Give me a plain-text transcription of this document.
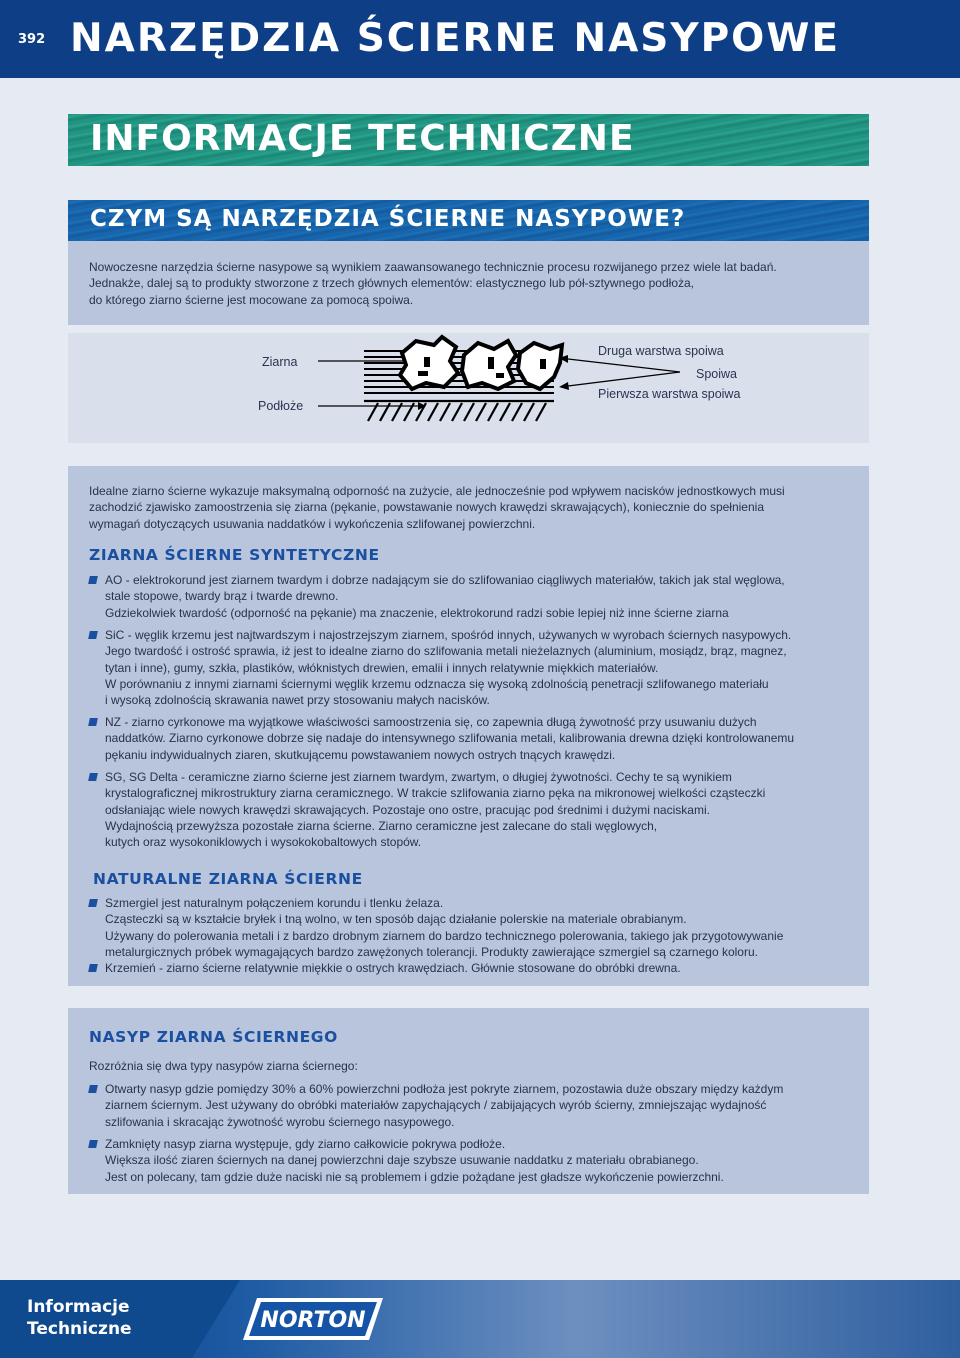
392 NARZĘDZIA ŚCIERNE NASYPOWE
INFORMACJE TECHNICZNE
CZYM SĄ NARZĘDZIA ŚCIERNE NASYPOWE?
Nowoczesne narzędzia ścierne nasypowe są wynikiem zaawansowanego technicznie procesu rozwijanego przez wiele lat badań.
Jednakże, dalej są to produkty stworzone z trzech głównych elementów: elastycznego lub pół-sztywnego podłoża,
do którego ziarno ścierne jest mocowane za pomocą spoiwa.
Ziarna
Podłoże
Druga warstwa spoiwa
Spoiwa
Pierwsza warstwa spoiwa
Idealne ziarno ścierne wykazuje maksymalną odporność na zużycie, ale jednocześnie pod wpływem nacisków jednostkowych musi
zachodzić zjawisko zamoostrzenia się ziarna (pękanie, powstawanie nowych krawędzi skrawających), koniecznie do spełnienia
wymagań dotyczących usuwania naddatków i wykończenia szlifowanej powierzchni.
ZIARNA ŚCIERNE SYNTETYCZNE

AO - elektrokorund jest ziarnem twardym i dobrze nadającym sie do szlifowaniao ciągliwych materiałów, takich jak stal węglowa,

stale stopowe, twardy brąz i twarde drewno.

Gdziekolwiek twardość (odporność na pękanie) ma znaczenie, elektrokorund radzi sobie lepiej niż inne ścierne ziarna

SiC - węglik krzemu jest najtwardszym i najostrzejszym ziarnem, spośród innych, używanych w wyrobach ściernych nasypowych.

Jego twardość i ostrość sprawia, iż jest to idealne ziarno do szlifowania metali nieżelaznych (aluminium, mosiądz, brąz, magnez,

tytan i inne), gumy, szkła, plastików, włóknistych drewien, emalii i innych relatywnie miękkich materiałów.

W porównaniu z innymi ziarnami ściernymi węglik krzemu odznacza się wysoką zdolnością penetracji szlifowanego materiału

i wysoką zdolnością skrawania nawet przy stosowaniu małych nacisków.

NZ - ziarno cyrkonowe ma wyjątkowe właściwości samoostrzenia się, co zapewnia długą żywotność przy usuwaniu dużych

naddatków. Ziarno cyrkonowe dobrze się nadaje do intensywnego szlifowania metali, kalibrowania drewna dzięki kontrolowanemu

pękaniu indywidualnych ziaren, skutkującemu powstawaniem nowych ostrych tnących krawędzi.

SG, SG Delta - ceramiczne ziarno ścierne jest ziarnem twardym, zwartym, o długiej żywotności. Cechy te są wynikiem

krystalograficznej mikrostruktury ziarna ceramicznego. W trakcie szlifowania ziarno pęka na mikronowej wielkości cząsteczki

odsłaniając wiele nowych krawędzi skrawających. Pozostaje ono ostre, pracując pod średnimi i dużymi naciskami.

Wydajnością przewyższa pozostałe ziarna ścierne. Ziarno ceramiczne jest zalecane do stali węglowych,

kutych oraz wysokoniklowych i wysokokobaltowych stopów.

NATURALNE ZIARNA ŚCIERNE

Szmergiel jest naturalnym połączeniem korundu i tlenku żelaza.

Cząsteczki są w kształcie bryłek i tną wolno, w ten sposób dając działanie polerskie na materiale obrabianym.

Używany do polerowania metali i z bardzo drobnym ziarnem do bardzo technicznego polerowania, takiego jak przygotowywanie

metalurgicznych próbek wymagających bardzo zawężonych tolerancji. Produkty zawierające szmergiel są czarnego koloru.

Krzemień - ziarno ścierne relatywnie miękkie o ostrych krawędziach. Głównie stosowane do obróbki drewna.

NASYP ZIARNA ŚCIERNEGO
Rozróżnia się dwa typy nasypów ziarna ściernego:

Otwarty nasyp gdzie pomiędzy 30% a 60% powierzchni podłoża jest pokryte ziarnem, pozostawia duże obszary między każdym

ziarnem ściernym. Jest używany do obróbki materiałów zapychających / zabijających wyrób ścierny, zmniejszając wydajność

szlifowania i skracając żywotność wyrobu ściernego nasypowego.

Zamknięty nasyp ziarna występuje, gdy ziarno całkowicie pokrywa podłoże.

Większa ilość ziaren ściernych na danej powierzchni daje szybsze usuwanie naddatku z materiału obrabianego.

Jest on polecany, tam gdzie duże naciski nie są problemem i gdzie pożądane jest gładsze wykończenie powierzchni.

Informacje
Techniczne	NORTON
